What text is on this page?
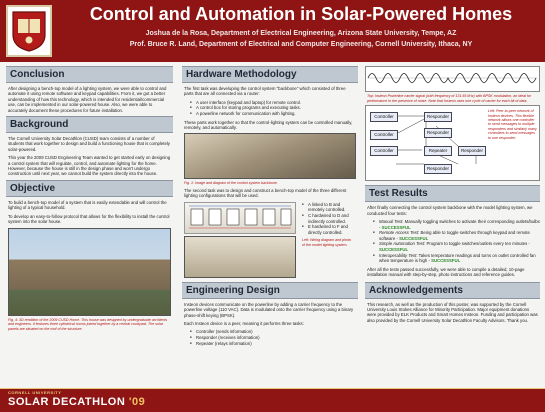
Control and Automation in Solar-Powered Homes
Joshua de la Rosa, Department of Electrical Engineering, Arizona State University, Tempe, AZ
Prof. Bruce R. Land, Department of Electrical and Computer Engineering, Cornell University, Ithaca, NY
Conclusion
After designing a bench-top model of a lighting system, we were able to control and automate it using remote software and keypad capabilities. From it, we got a better understanding of how this technology, which is intended for residential/commercial use, can be implemented in our solar-powered house. Also, we were able to accurately document these procedures for future installation.
Background
The Cornell University Solar Decathlon (CUSD) team consists of a number of students that work together to design and build a functioning house that is completely solar-powered.
This year the 2009 CUSD Engineering Team wanted to get started early on designing a control system that will regulate, control, and automate lighting for the home. However, because the house is still in the design phase and won't undergo construction until next year, we cannot build the system directly into the house.
Objective
To build a bench-top model of a system that is easily extendable and will control the lighting of a typical household.
To develop an easy-to-follow protocol that allows for the flexibility to install the control system into the solar house.
Fig. 4: 3D rendition of the 2009 CUSD Home. This house was designed by undergraduate architects and engineers. It features three cylindrical rooms joined together by a central courtyard. The solar panels are situated on the roof of the structure.
Hardware Methodology
The first task was developing the control system "backbone" which consisted of three parts that are all connected via a router:
■ A user interface (keypad and laptop) for remote control.
■ A control box for storing programs and executing tasks.
■ A powerline network for communication with lighting.
These parts work together so that the control-lighting system can be controlled manually, remotely, and automatically.
Fig. 1: Image and diagram of the control system backbone.
The second task was to design and construct a bench-top model of the three different lighting configurations that will be used.
■ A linked to B and remotely controlled.
■ C hardwired to D and indirectly controlled.
■ E hardwired to F and directly controlled.
Left: Wiring diagram and photo of the model lighting system.
Engineering Design
Insteon devices communicate on the powerline by adding a carrier frequency to the powerline voltage (110 VAC). Data is modulated onto the carrier frequency using a binary phase-shift keying (BPSK).
Each Insteon device is a peer, meaning it performs three tasks:
■ Controller (sends information)
■ Responder (receives information)
■ Repeater (relays information)
Top: Insteon Powerline carrier signal (with frequency of 131.65 kHz) with BPSK modulation, an ideal for performance in the presence of noise. Note that Insteon uses one cycle of carrier for each bit of data.
Controller	Responder
Controller	Responder
Repeater
Controller	Responder
Responder
Left: Peer-to-peer network of Insteon devices. This flexible network allows one controller to send messages to multiple responders and similarly many controllers to send messages to one responder.
Test Results
After finally connecting the control system backbone with the model lighting system, we conducted four tests:
■ Manual Test: Manually toggling switches to activate their corresponding outlets/bulbs - SUCCESSFUL
■ Remote Access Test: Being able to toggle switches through keypad and remote software - SUCCESSFUL
■ Simple Automation Test: Program to toggle switches/outlets every ten minutes - SUCCESSFUL
■ Interoperability Test: Takes temperature readings and turns on outlet controlled fan when temperature is high - SUCCESSFUL
After all the tests passed successfully, we were able to compile a detailed, 10-page installation manual with step-by-step, photo instructions and reference guides.
Acknowledgements
This research, as well as the production of this poster, was supported by the Cornell University Louis Stokes Alliance for Minority Participation. Major equipment donations were provided by ELK Products and Smart Homes Insteon. Funding and participation was also provided by the Cornell University Solar Decathlon Faculty Advisors. Thank you.
CORNELL UNIVERSITY
SOLAR DECATHLON '09
